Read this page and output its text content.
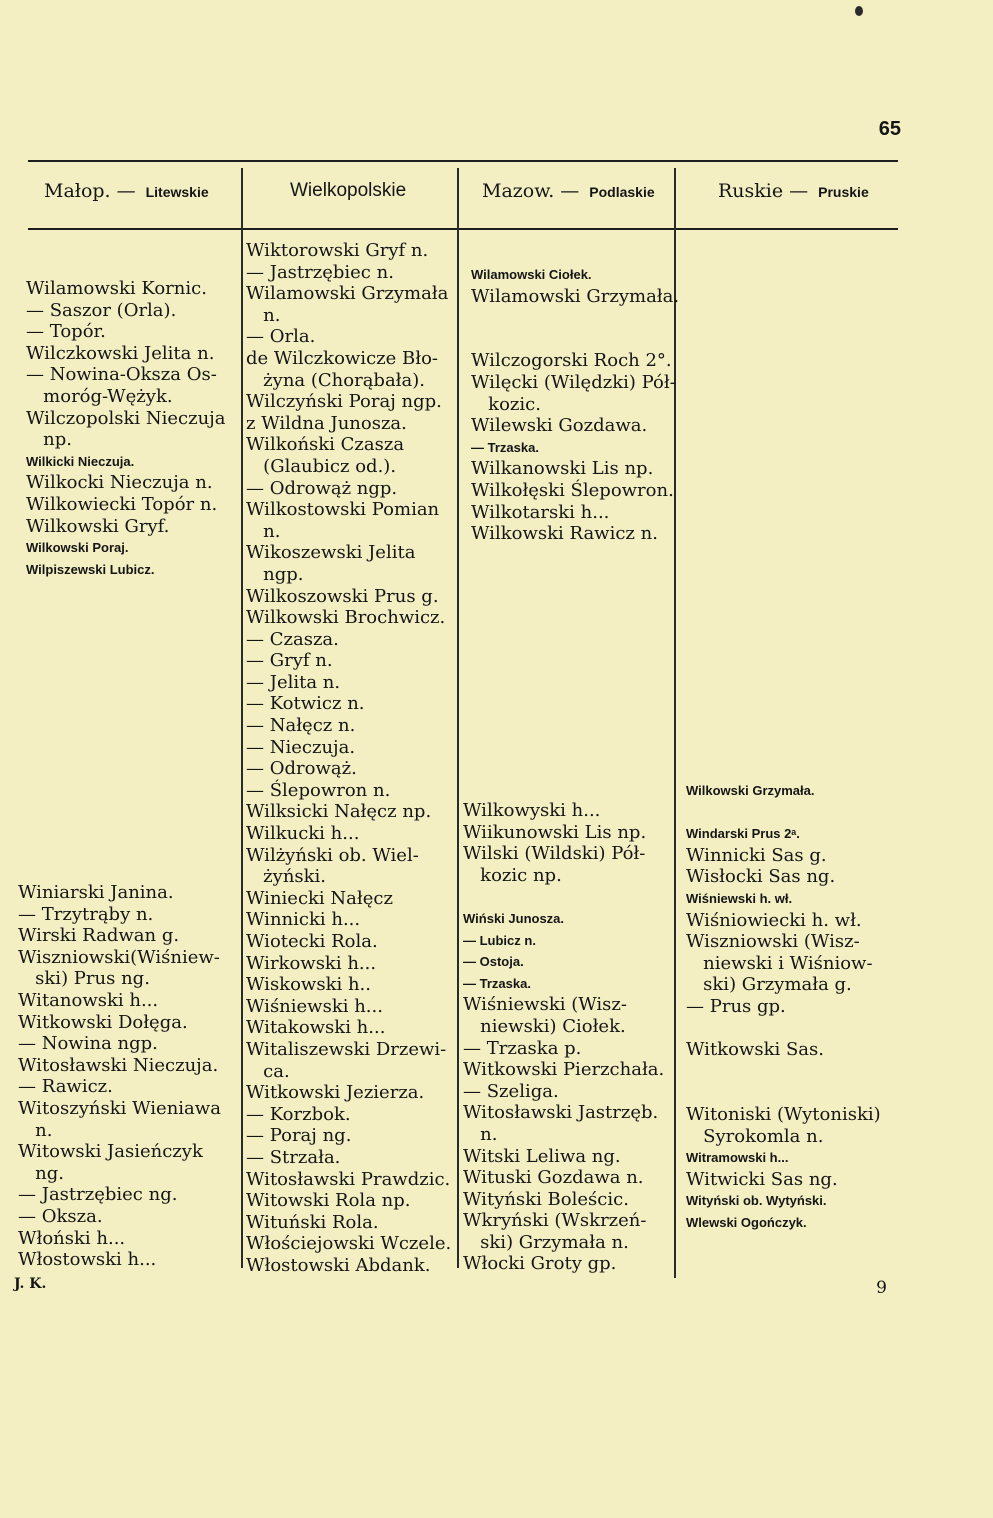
65
Małop. — Litewskie	Wielkopolskie	Mazow. — Podlaskie	Ruskie — Pruskie
Wilamowski Kornic.
— Saszor (Orla).
— Topór.
Wilczkowski Jelita n.
— Nowina-Oksza Os-
moróg-Wężyk.
Wilczopolski Nieczuja
np.
Wilkicki Nieczuja.
Wilkocki Nieczuja n.
Wilkowiecki Topór n.
Wilkowski Gryf.
Wilkowski Poraj.
Wilpiszewski Lubicz.
Winiarski Janina.
— Trzytrąby n.
Wirski Radwan g.
Wiszniowski(Wiśniew-
ski) Prus ng.
Witanowski h...
Witkowski Dołęga.
— Nowina ngp.
Witosławski Nieczuja.
— Rawicz.
Witoszyński Wieniawa
n.
Witowski Jasieńczyk
ng.
— Jastrzębiec ng.
— Oksza.
Włoński h...
Włostowski h...
Wiktorowski Gryf n.
— Jastrzębiec n.
Wilamowski Grzymała
n.
— Orla.
de Wilczkowicze Bło-
żyna (Chorąbała).
Wilczyński Poraj ngp.
z Wildna Junosza.
Wilkoński Czasza
(Glaubicz od.).
— Odrowąż ngp.
Wilkostowski Pomian
n.
Wikoszewski Jelita
ngp.
Wilkoszowski Prus g.
Wilkowski Brochwicz.
— Czasza.
— Gryf n.
— Jelita n.
— Kotwicz n.
— Nałęcz n.
— Nieczuja.
— Odrowąż.
— Ślepowron n.
Wilksicki Nałęcz np.
Wilkucki h...
Wilżyński ob. Wiel-
żyński.
Winiecki Nałęcz
Winnicki h...
Wiotecki Rola.
Wirkowski h...
Wiskowski h..
Wiśniewski h...
Witakowski h...
Witaliszewski Drzewi-
ca.
Witkowski Jezierza.
— Korzbok.
— Poraj ng.
— Strzała.
Witosławski Prawdzic.
Witowski Rola np.
Wituński Rola.
Włościejowski Wczele.
Włostowski Abdank.
Wilamowski Ciołek.
Wilamowski Grzymała.

Wilczogorski Roch 2°.
Wilęcki (Wilędzki) Pół-
kozic.
Wilewski Gozdawa.
— Trzaska.
Wilkanowski Lis np.
Wilkołęski Ślepowron.
Wilkotarski h...
Wilkowski Rawicz n.
Wilkowyski h...
Wiikunowski Lis np.
Wilski (Wildski) Pół-
kozic np.

Wiński Junosza.
— Lubicz n.
— Ostoja.
— Trzaska.
Wiśniewski (Wisz-
niewski) Ciołek.
— Trzaska p.
Witkowski Pierzchała.
— Szeliga.
Witosławski Jastrzęb.
n.
Witski Leliwa ng.
Wituski Gozdawa n.
Wityński Boleścic.
Wkryński (Wskrzeń-
ski) Grzymała n.
Włocki Groty gp.
Wilkowski Grzymała.

Windarski Prus 2ᵃ.
Winnicki Sas g.
Wisłocki Sas ng.
Wiśniewski h. wł.
Wiśniowiecki h. wł.
Wiszniowski (Wisz-
niewski i Wiśniow-
ski) Grzymała g.
— Prus gp.

Witkowski Sas.

Witoniski (Wytoniski)
Syrokomla n.
Witramowski h...
Witwicki Sas ng.
Wityński ob. Wytyński.
Wlewski Ogończyk.
J. K.	9
